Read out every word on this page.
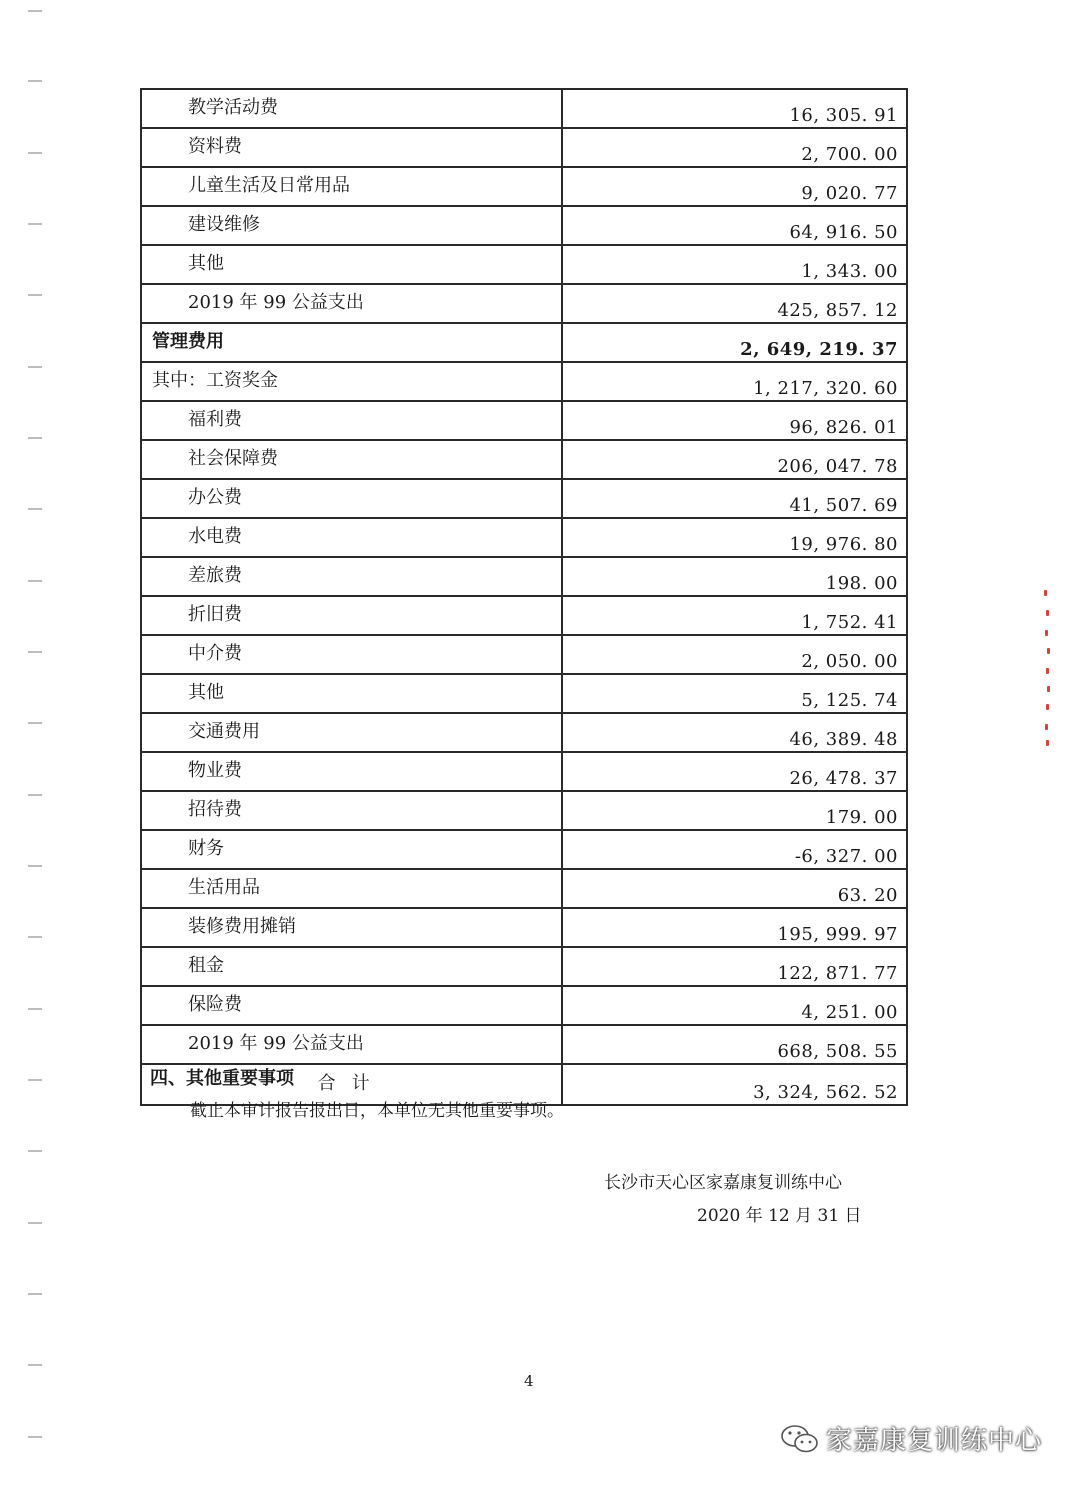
教学活动费	16, 305. 91
资料费	2, 700. 00
儿童生活及日常用品	9, 020. 77
建设维修	64, 916. 50
其他	1, 343. 00
2019 年 99 公益支出	425, 857. 12
管理费用	2, 649, 219. 37
其中：工资奖金	1, 217, 320. 60
福利费	96, 826. 01
社会保障费	206, 047. 78
办公费	41, 507. 69
水电费	19, 976. 80
差旅费	198. 00
折旧费	1, 752. 41
中介费	2, 050. 00
其他	5, 125. 74
交通费用	46, 389. 48
物业费	26, 478. 37
招待费	179. 00
财务	-6, 327. 00
生活用品	63. 20
装修费用摊销	195, 999. 97
租金	122, 871. 77
保险费	4, 251. 00
2019 年 99 公益支出	668, 508. 55
合计	3, 324, 562. 52
四、其他重要事项
截止本审计报告报出日，本单位无其他重要事项。
长沙市天心区家嘉康复训练中心
2020 年 12 月 31 日
4
家嘉康复训练中心
